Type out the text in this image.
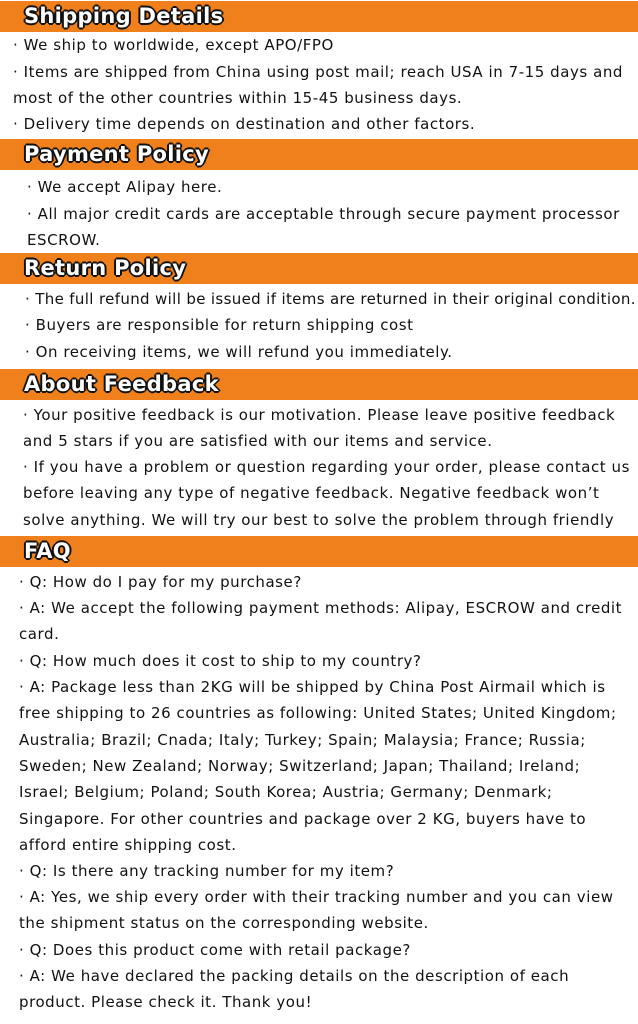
Shipping Details
· We ship to worldwide, except APO/FPO
· Items are shipped from China using post mail; reach USA in 7-15 days and
most of the other countries within 15-45 business days.
· Delivery time depends on destination and other factors.
Payment Policy
· We accept Alipay here.
· All major credit cards are acceptable through secure payment processor
ESCROW.
Return Policy
· The full refund will be issued if items are returned in their original condition.
· Buyers are responsible for return shipping cost
· On receiving items, we will refund you immediately.
About Feedback
· Your positive feedback is our motivation. Please leave positive feedback
and 5 stars if you are satisfied with our items and service.
· If you have a problem or question regarding your order, please contact us
before leaving any type of negative feedback. Negative feedback won’t
solve anything. We will try our best to solve the problem through friendly
FAQ
· Q: How do I pay for my purchase?
· A: We accept the following payment methods: Alipay, ESCROW and credit
card.
· Q: How much does it cost to ship to my country?
· A: Package less than 2KG will be shipped by China Post Airmail which is
free shipping to 26 countries as following: United States; United Kingdom;
Australia; Brazil; Cnada; Italy; Turkey; Spain; Malaysia; France; Russia;
Sweden; New Zealand; Norway; Switzerland; Japan; Thailand; Ireland;
Israel; Belgium; Poland; South Korea; Austria; Germany; Denmark;
Singapore. For other countries and package over 2 KG, buyers have to
afford entire shipping cost.
· Q: Is there any tracking number for my item?
· A: Yes, we ship every order with their tracking number and you can view
the shipment status on the corresponding website.
· Q: Does this product come with retail package?
· A: We have declared the packing details on the description of each
product. Please check it. Thank you!
